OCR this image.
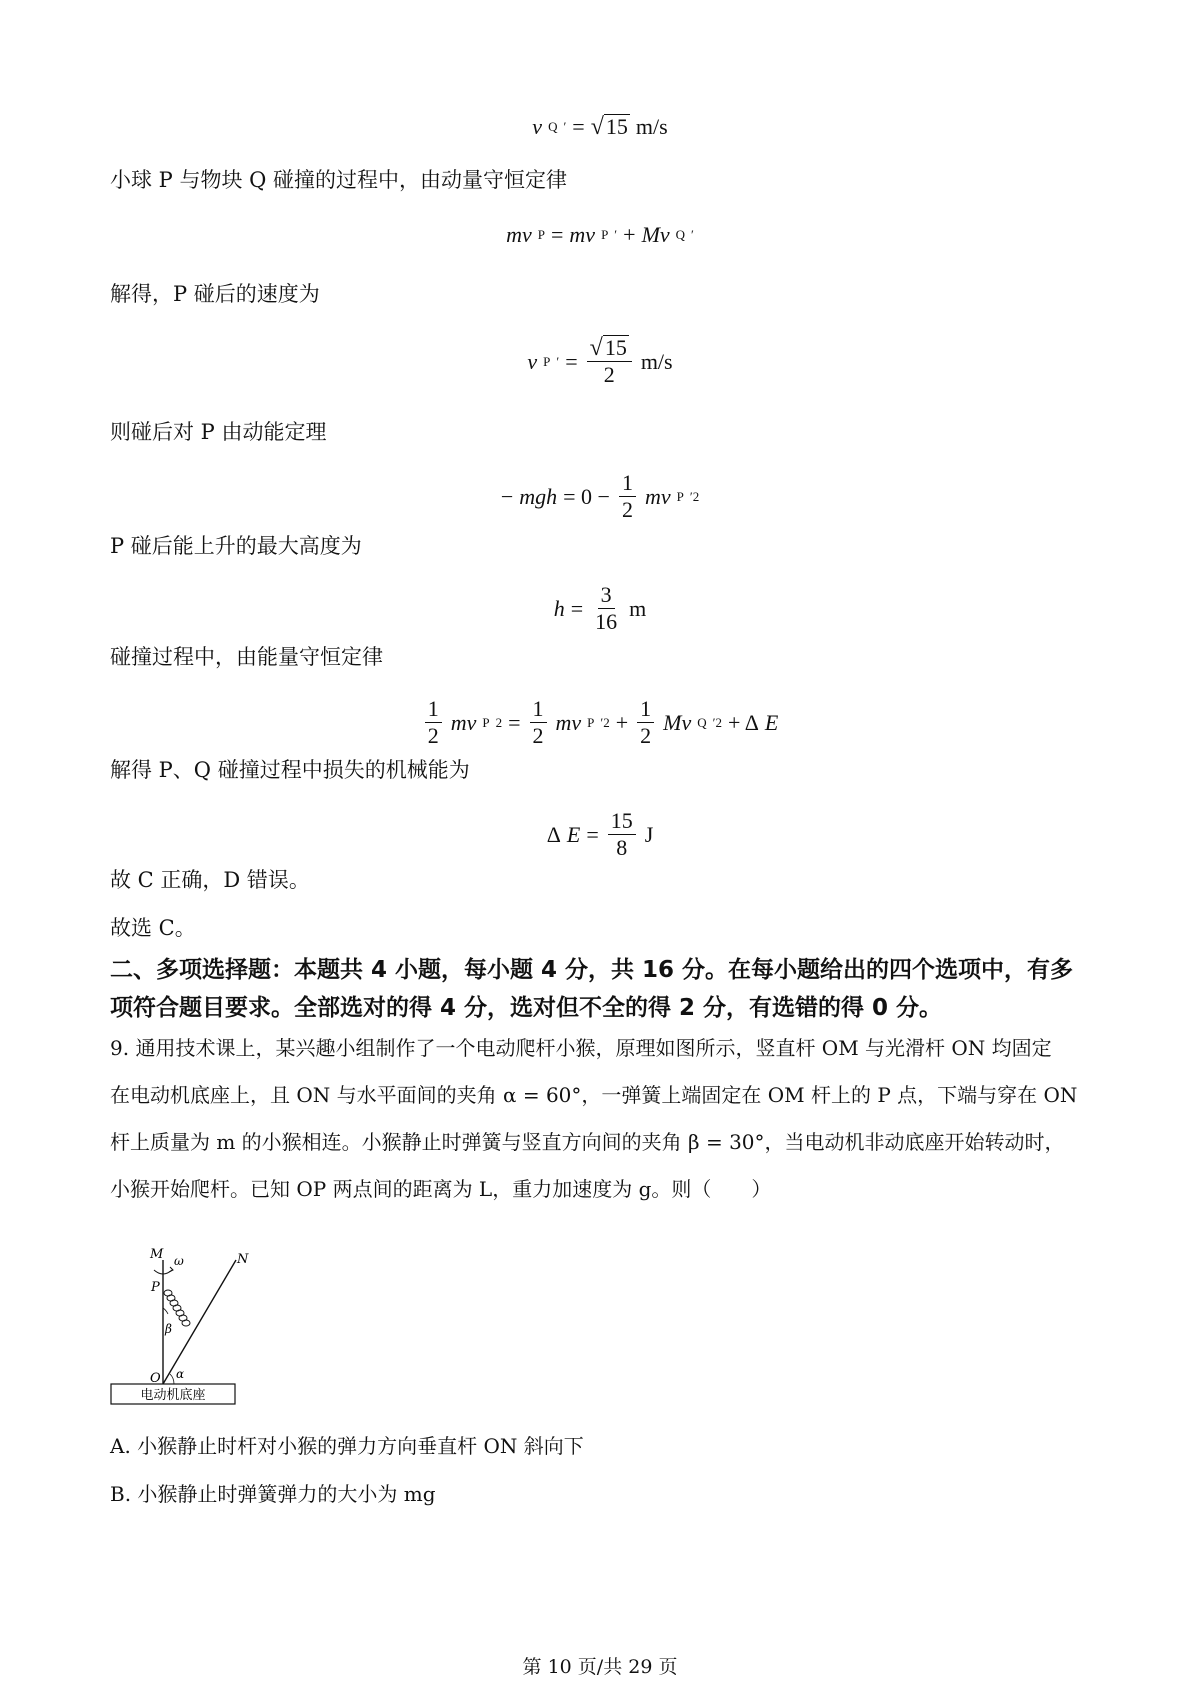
v Q ′ = √ 15 m/s
小球 P 与物块 Q 碰撞的过程中，由动量守恒定律
mv P = mv P ′ + Mv Q ′
解得，P 碰后的速度为
v P ′ = $\frac{√ 15}{2} m/s$
则碰后对 P 由动能定理
− mgh = $0 - \frac{1}{2}$ mv P ′2
P 碰后能上升的最大高度为
$h = \frac{3}{16}$ m
碰撞过程中，由能量守恒定律
$\frac{1}{2}$ mv P $2 = \frac{1}{2}$ mv P $'2 + \frac{1}{2}$ Mv Q ′2 + Δ E
解得 P、Q 碰撞过程中损失的机械能为
Δ $E = \frac{15}{8}$ J
故 C 正确，D 错误。
故选 C。
二、多项选择题：本题共 4 小题，每小题 4 分，共 16 分。在每小题给出的四个选项中，有多
项符合题目要求。全部选对的得 4 分，选对但不全的得 2 分，有选错的得 0 分。
9. 通用技术课上，某兴趣小组制作了一个电动爬杆小猴，原理如图所示，竖直杆 OM 与光滑杆 ON 均固定
在电动机底座上，且 ON 与水平面间的夹角 α = 60°，一弹簧上端固定在 OM 杆上的 P 点，下端与穿在 ON
杆上质量为 m 的小猴相连。小猴静止时弹簧与竖直方向间的夹角 β = 30°，当电动机非动底座开始转动时，
小猴开始爬杆。已知 OP 两点间的距离为 L，重力加速度为 g。则（　　）
电动机底座
M ω
P
N
β
O α
A. 小猴静止时杆对小猴的弹力方向垂直杆 ON 斜向下
B. 小猴静止时弹簧弹力的大小为 mg
第 10 页/共 29 页
